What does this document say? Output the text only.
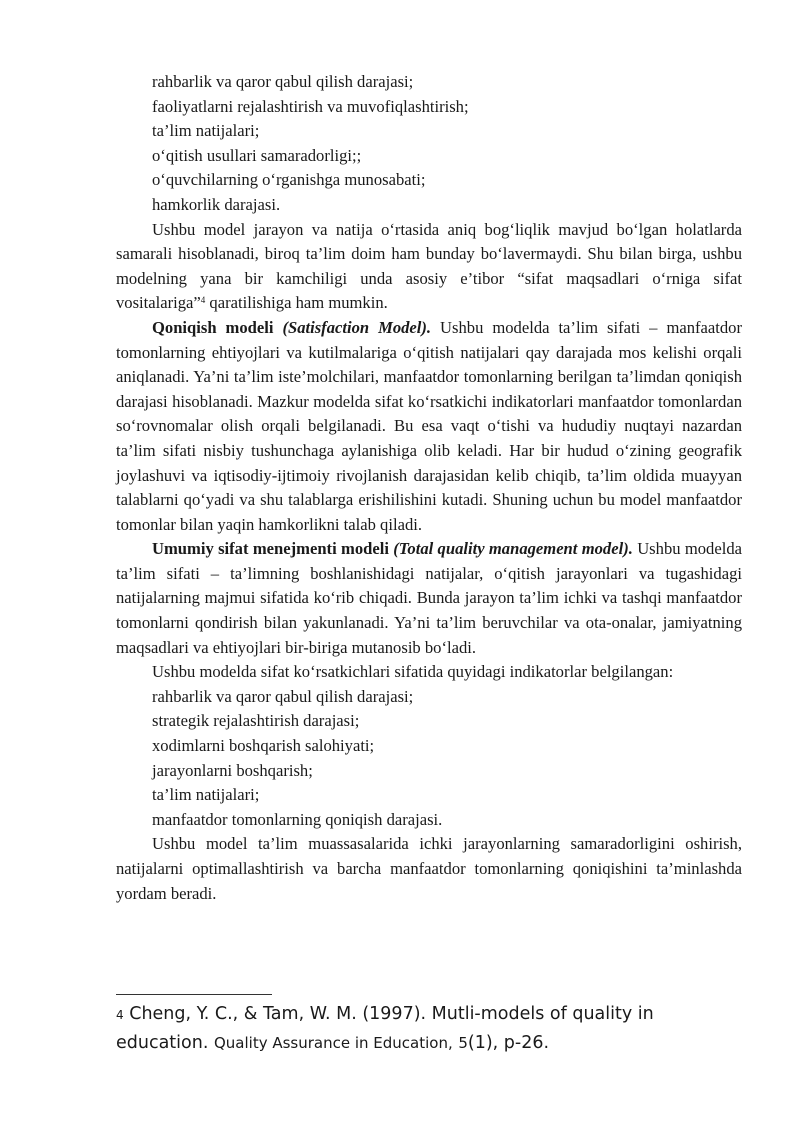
rahbarlik va qaror qabul qilish darajasi;

faoliyatlarni rejalashtirish va muvofiqlashtirish;

ta’lim natijalari;

o‘qitish usullari samaradorligi;;

o‘quvchilarning o‘rganishga munosabati;

hamkorlik darajasi.

Ushbu model jarayon va natija o‘rtasida aniq bog‘liqlik mavjud bo‘lgan holatlarda samarali hisoblanadi, biroq ta’lim doim ham bunday bo‘lavermaydi. Shu bilan birga, ushbu modelning yana bir kamchiligi unda asosiy e’tibor “sifat maqsadlari o‘rniga sifat vositalariga”$^4$ qaratilishiga ham mumkin.

Qoniqish modeli (Satisfaction Model). Ushbu modelda ta’lim sifati – manfaatdor tomonlarning ehtiyojlari va kutilmalariga o‘qitish natijalari qay darajada mos kelishi orqali aniqlanadi. Ya’ni ta’lim iste’molchilari, manfaatdor tomonlarning berilgan ta’limdan qoniqish darajasi hisoblanadi. Mazkur modelda sifat ko‘rsatkichi indikatorlari manfaatdor tomonlardan so‘rovnomalar olish orqali belgilanadi. Bu esa vaqt o‘tishi va hududiy nuqtayi nazardan ta’lim sifati nisbiy tushunchaga aylanishiga olib keladi. Har bir hudud o‘zining geografik joylashuvi va iqtisodiy-ijtimoiy rivojlanish darajasidan kelib chiqib, ta’lim oldida muayyan talablarni qo‘yadi va shu talablarga erishilishini kutadi. Shuning uchun bu model manfaatdor tomonlar bilan yaqin hamkorlikni talab qiladi.

Umumiy sifat menejmenti modeli (Total quality management model). Ushbu modelda ta’lim sifati – ta’limning boshlanishidagi natijalar, o‘qitish jarayonlari va tugashidagi natijalarning majmui sifatida ko‘rib chiqadi. Bunda jarayon ta’lim ichki va tashqi manfaatdor tomonlarni qondirish bilan yakunlanadi. Ya’ni ta’lim beruvchilar va ota-onalar, jamiyatning maqsadlari va ehtiyojlari bir-biriga mutanosib bo‘ladi.

Ushbu modelda sifat ko‘rsatkichlari sifatida quyidagi indikatorlar belgilangan:

rahbarlik va qaror qabul qilish darajasi;

strategik rejalashtirish darajasi;

xodimlarni boshqarish salohiyati;

jarayonlarni boshqarish;

ta’lim natijalari;

manfaatdor tomonlarning qoniqish darajasi.

Ushbu model ta’lim muassasalarida ichki jarayonlarning samaradorligini oshirish, natijalarni optimallashtirish va barcha manfaatdor tomonlarning qoniqishini ta’minlashda yordam beradi.

4 Cheng, Y. C., & Tam, W. M. (1997). Mutli-models of quality in education. Quality Assurance in Education, 5(1), p-26.
